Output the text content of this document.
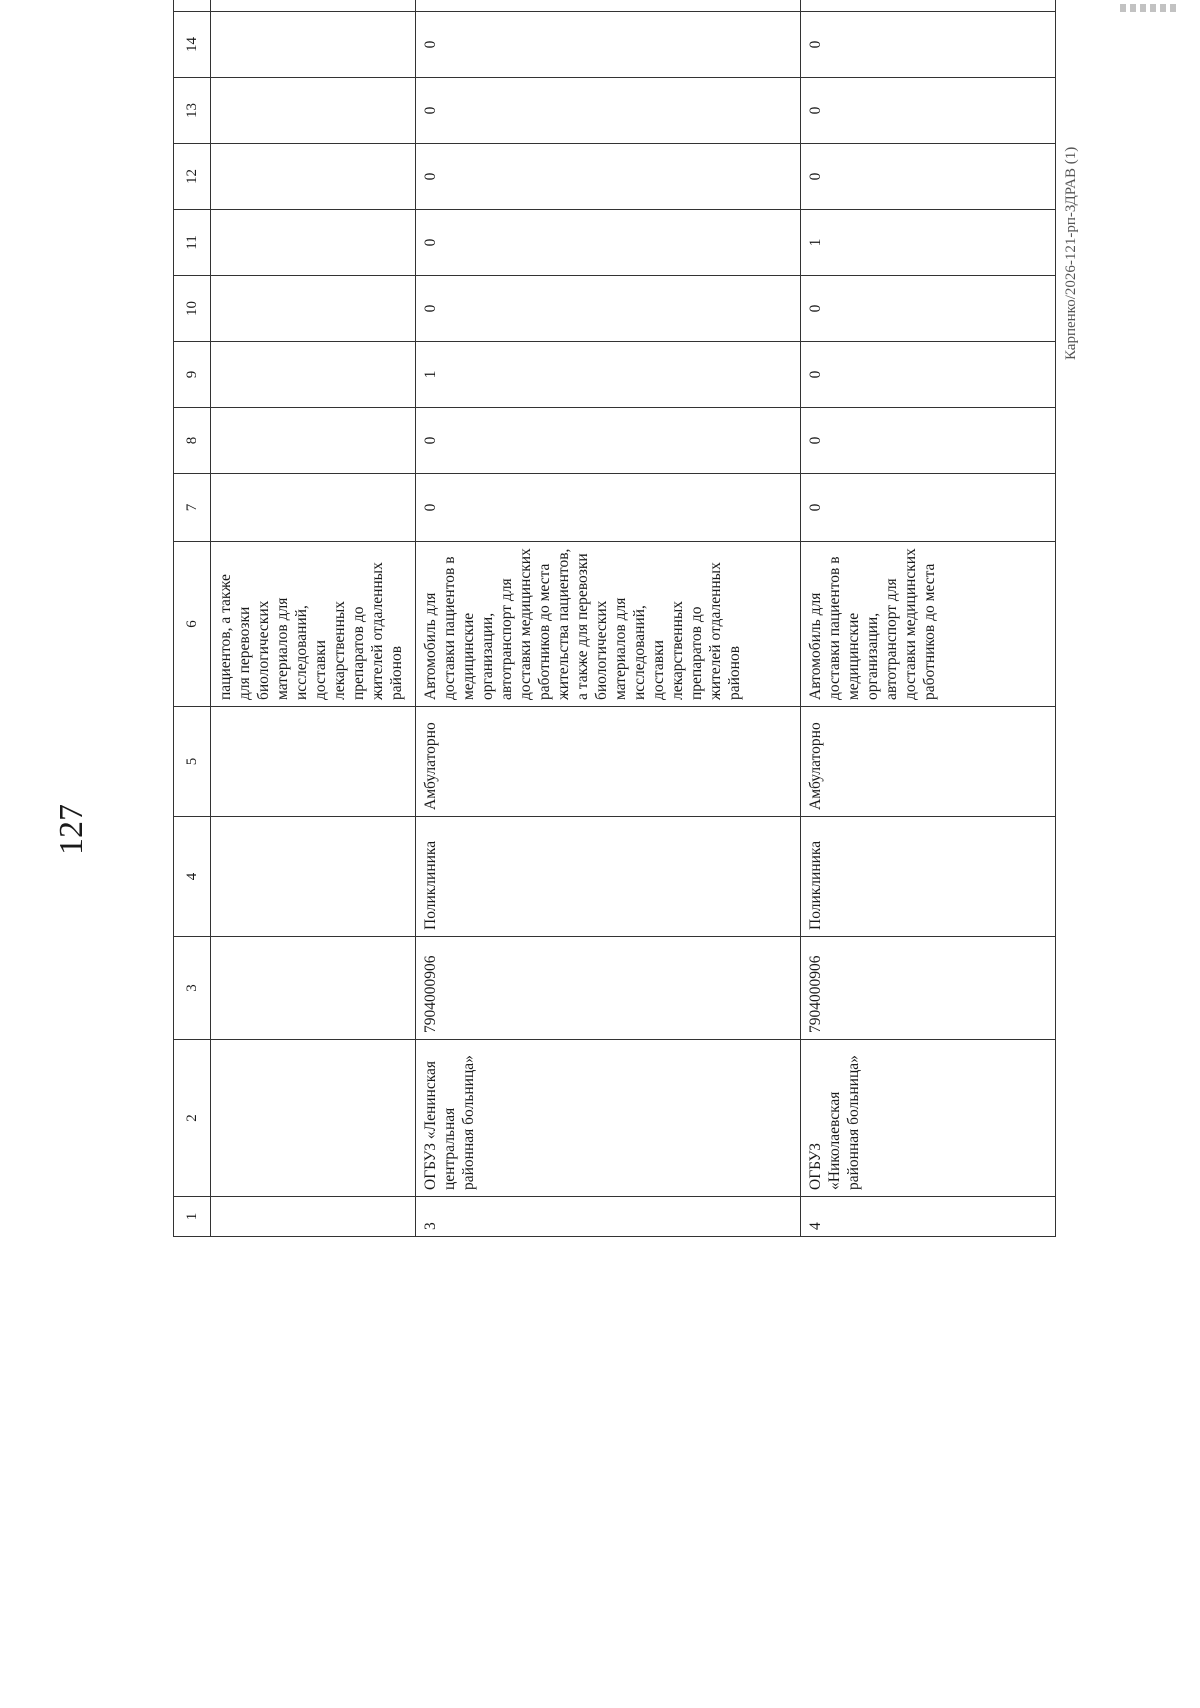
127
Карпенко/2026-121-рп-ЗДРАВ (1)
1	2	3	4	5	6	7	8	9	10	11	12	13	14		
					пациентов, а также для перевозки биологических материалов для исследований, доставки лекарственных препаратов до жителей отдаленных районов										
3	ОГБУЗ «Ленинская центральная районная больница»	7904000906	Поликлиника	Амбулаторно	Автомобиль для доставки пациентов в медицинские организации, автотранспорт для доставки медицинских работников до места жительства пациентов, а также для перевозки биологических материалов для исследований, доставки лекарственных препаратов до жителей отдаленных районов	0	0	1	0	0	0	0	0		
4	ОГБУЗ «Николаевская районная больница»	7904000906	Поликлиника	Амбулаторно	Автомобиль для доставки пациентов в медицинские организации, автотранспорт для доставки медицинских работников до места	0	0	0	0	1	0	0	0		
